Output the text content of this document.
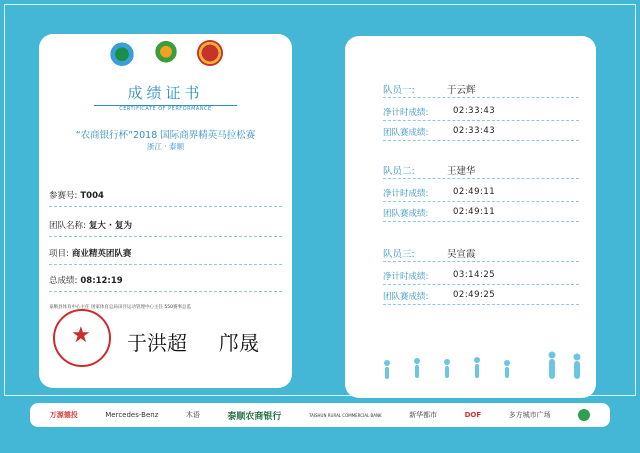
成绩证书
CERTIFICATE OF PERFORMANCE
“农商银行杯”2018 国际商界精英马拉松赛
浙江 · 泰顺
参赛号: T004
团队名称: 复大 · 复为
项目: 商业精英团队赛
总成绩: 08:12:19
泰顺县体育中心主任 国家体育总局田径运动管理中心主任 550赛事总监
★ 于洪超 邝晟
队员一:	于云辉
净计时成绩:	02:33:43
团队赛成绩:	02:33:43
队员二:	王建华
净计时成绩:	02:49:11
团队赛成绩:	02:49:11
队员三:	吴宣霞
净计时成绩:	03:14:25
团队赛成绩:	02:49:25
万源德投	Mercedes-Benz	木语	泰顺农商银行	TAISHUN RURAL COMMERCIAL BANK	新华都市	DOF	多方城市广场
